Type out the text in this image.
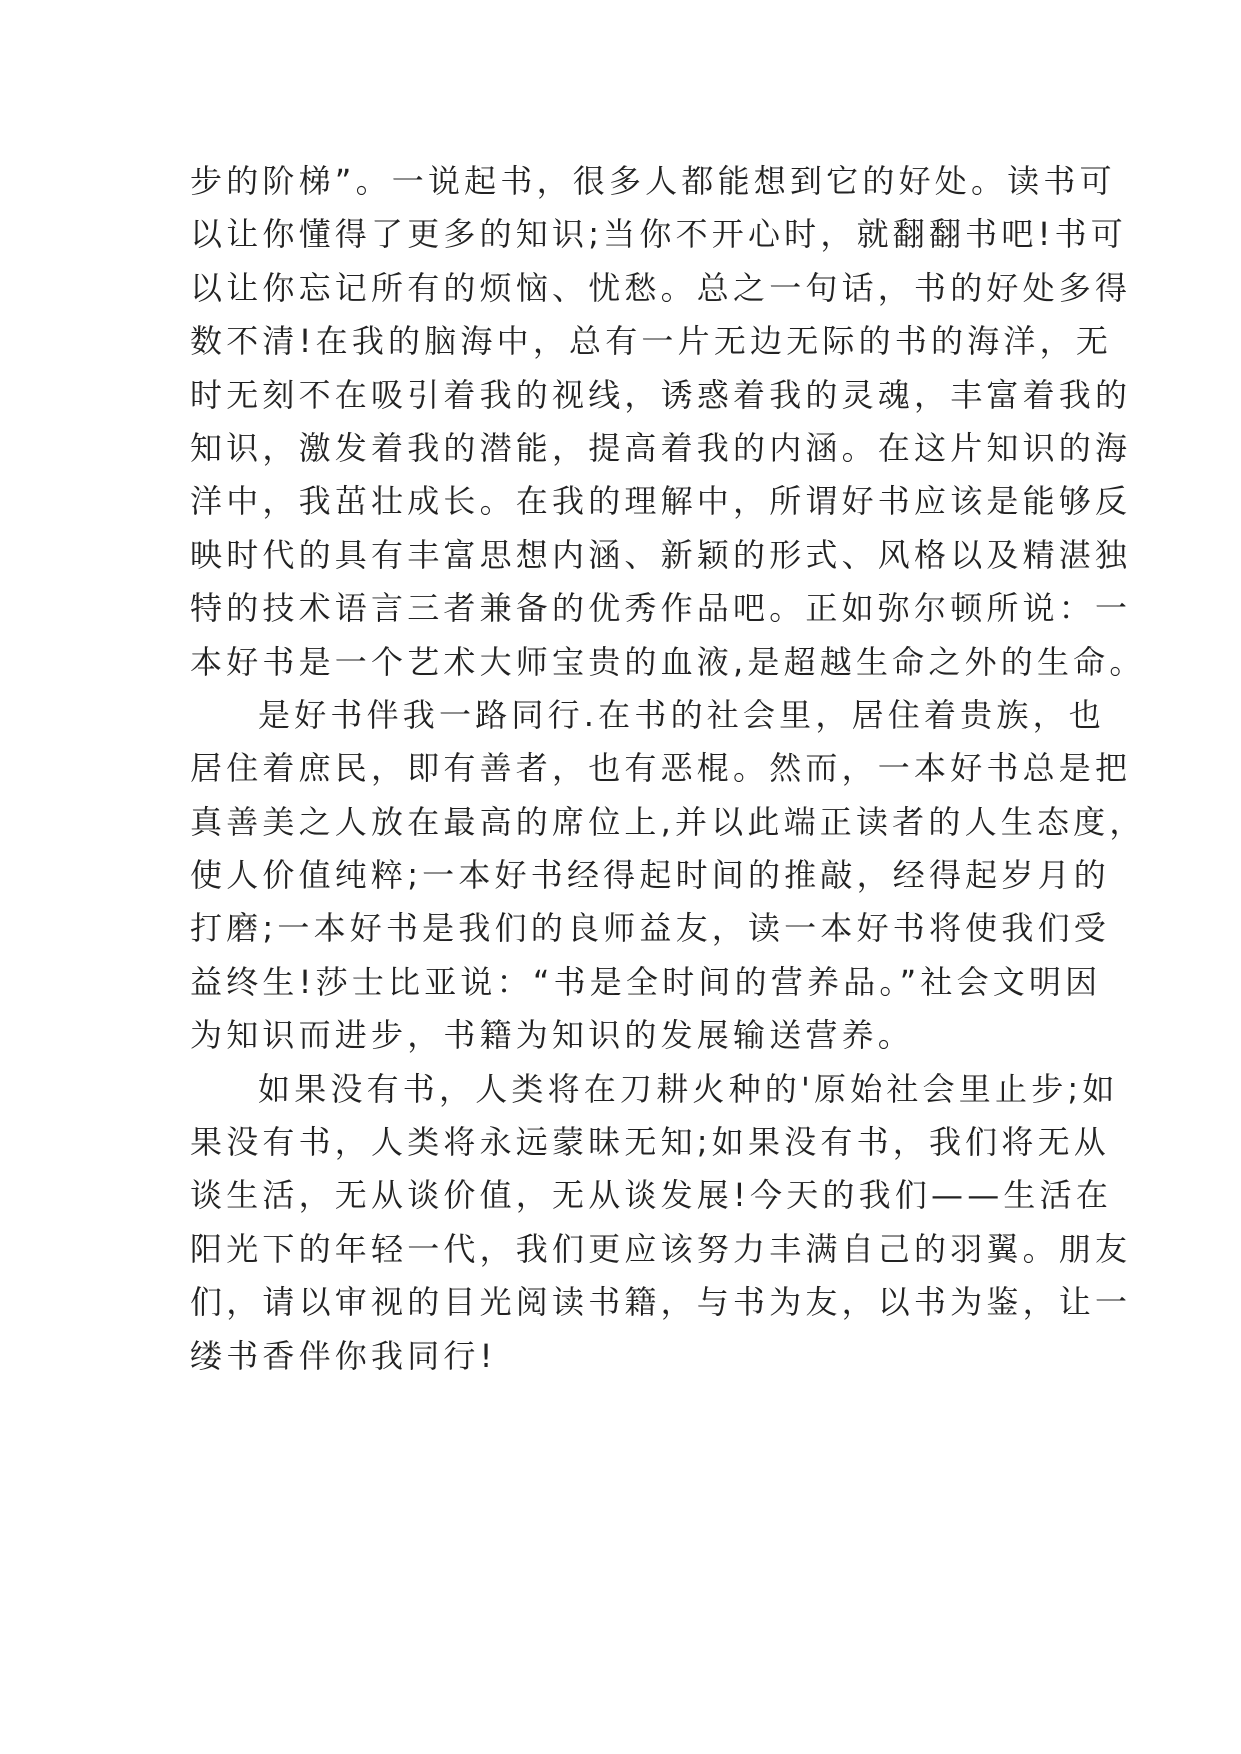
步的阶梯”。一说起书，很多人都能想到它的好处。读书可
以让你懂得了更多的知识;当你不开心时，就翻翻书吧!书可
以让你忘记所有的烦恼、忧愁。总之一句话，书的好处多得
数不清!在我的脑海中，总有一片无边无际的书的海洋，无
时无刻不在吸引着我的视线，诱惑着我的灵魂，丰富着我的
知识，激发着我的潜能，提高着我的内涵。在这片知识的海
洋中，我茁壮成长。在我的理解中，所谓好书应该是能够反
映时代的具有丰富思想内涵、新颖的形式、风格以及精湛独
特的技术语言三者兼备的优秀作品吧。正如弥尔顿所说：一
本好书是一个艺术大师宝贵的血液,是超越生命之外的生命。
是好书伴我一路同行.在书的社会里，居住着贵族，也
居住着庶民，即有善者，也有恶棍。然而，一本好书总是把
真善美之人放在最高的席位上,并以此端正读者的人生态度，
使人价值纯粹;一本好书经得起时间的推敲，经得起岁月的
打磨;一本好书是我们的良师益友，读一本好书将使我们受
益终生!莎士比亚说：“书是全时间的营养品。”社会文明因
为知识而进步，书籍为知识的发展输送营养。
如果没有书，人类将在刀耕火种的'原始社会里止步;如
果没有书，人类将永远蒙昧无知;如果没有书，我们将无从
谈生活，无从谈价值，无从谈发展!今天的我们——生活在
阳光下的年轻一代，我们更应该努力丰满自己的羽翼。朋友
们，请以审视的目光阅读书籍，与书为友，以书为鉴，让一
缕书香伴你我同行!
